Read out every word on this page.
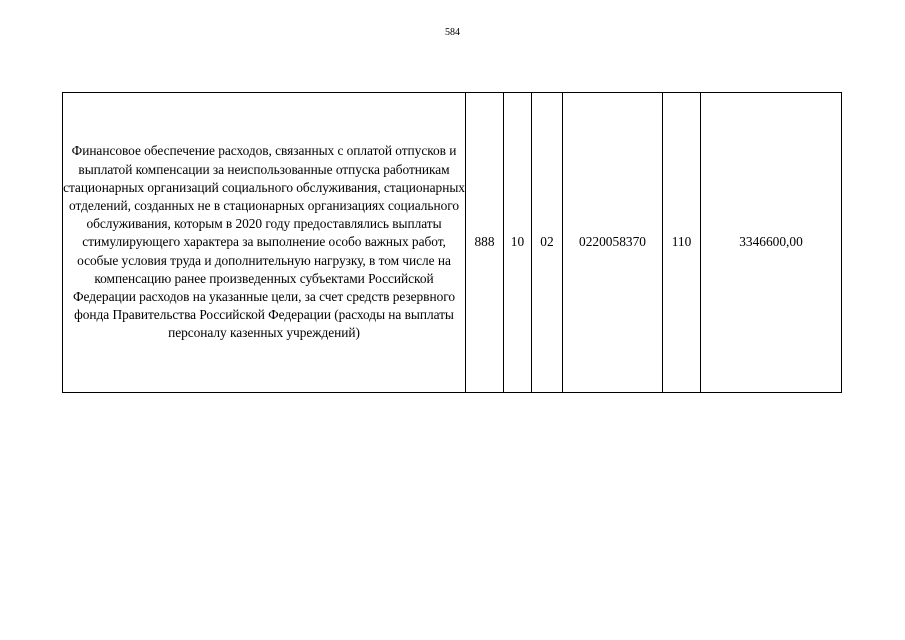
584
Финансовое обеспечение расходов, связанных с оплатой отпусков и выплатой компенсации за неиспользованные отпуска работникам стационарных организаций социального обслуживания, стационарных отделений, созданных не в стационарных организациях социального обслуживания, которым в 2020 году предоставлялись выплаты стимулирующего характера за выполнение особо важных работ, особые условия труда и дополнительную нагрузку, в том числе на компенсацию ранее произведенных субъектами Российской Федерации расходов на указанные цели, за счет средств резервного фонда Правительства Российской Федерации (расходы на выплаты персоналу казенных учреждений)
	888	10	02	0220058370	110	3346600,00
